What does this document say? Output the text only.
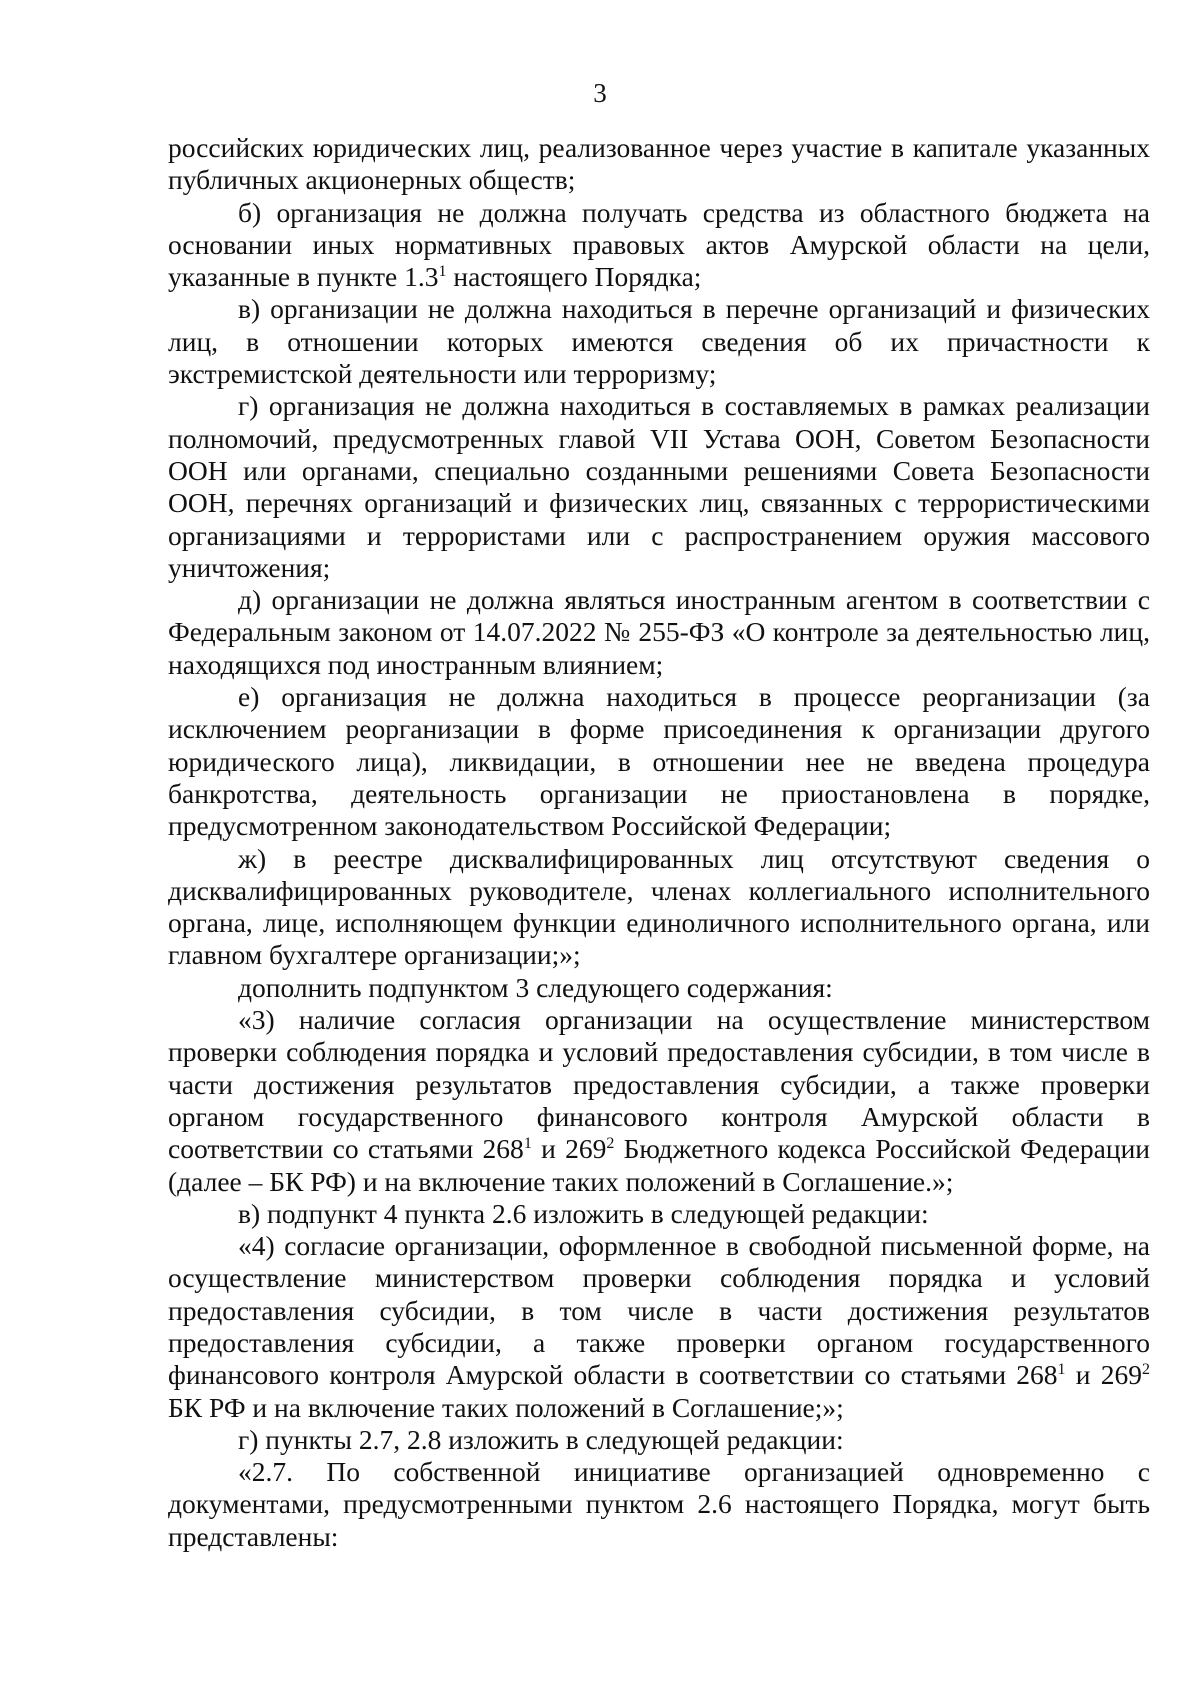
3

российских юридических лиц, реализованное через участие в капитале указанных публичных акционерных обществ;

б) организация не должна получать средства из областного бюджета на основании иных нормативных правовых актов Амурской области на цели, указанные в пункте $1.3^1$ настоящего Порядка;

в) организации не должна находиться в перечне организаций и физических лиц, в отношении которых имеются сведения об их причастности к экстремистской деятельности или терроризму;

г) организация не должна находиться в составляемых в рамках реализации полномочий, предусмотренных главой VII Устава ООН, Советом Безопасности ООН или органами, специально созданными решениями Совета Безопасности ООН, перечнях организаций и физических лиц, связанных с террористическими организациями и террористами или с распространением оружия массового уничтожения;

д) организации не должна являться иностранным агентом в соответствии с Федеральным законом от 14.07.2022 № 255-ФЗ «О контроле за деятельностью лиц, находящихся под иностранным влиянием;

е) организация не должна находиться в процессе реорганизации (за исключением реорганизации в форме присоединения к организации другого юридического лица), ликвидации, в отношении нее не введена процедура банкротства, деятельность организации не приостановлена в порядке, предусмотренном законодательством Российской Федерации;

ж) в реестре дисквалифицированных лиц отсутствуют сведения о дисквалифицированных руководителе, членах коллегиального исполнительного органа, лице, исполняющем функции единоличного исполнительного органа, или главном бухгалтере организации;»;

дополнить подпунктом 3 следующего содержания:

«3) наличие согласия организации на осуществление министерством проверки соблюдения порядка и условий предоставления субсидии, в том числе в части достижения результатов предоставления субсидии, а также проверки органом государственного финансового контроля Амурской области в соответствии со статьями $268^1$ и $269^2$ Бюджетного кодекса Российской Федерации (далее – БК РФ) и на включение таких положений в Соглашение.»;

в) подпункт 4 пункта 2.6 изложить в следующей редакции:

«4) согласие организации, оформленное в свободной письменной форме, на осуществление министерством проверки соблюдения порядка и условий предоставления субсидии, в том числе в части достижения результатов предоставления субсидии, а также проверки органом государственного финансового контроля Амурской области в соответствии со статьями $268^1$ и $269^2$ БК РФ и на включение таких положений в Соглашение;»;

г) пункты 2.7, 2.8 изложить в следующей редакции:

«2.7. По собственной инициативе организацией одновременно с документами, предусмотренными пунктом 2.6 настоящего Порядка, могут быть представлены:
